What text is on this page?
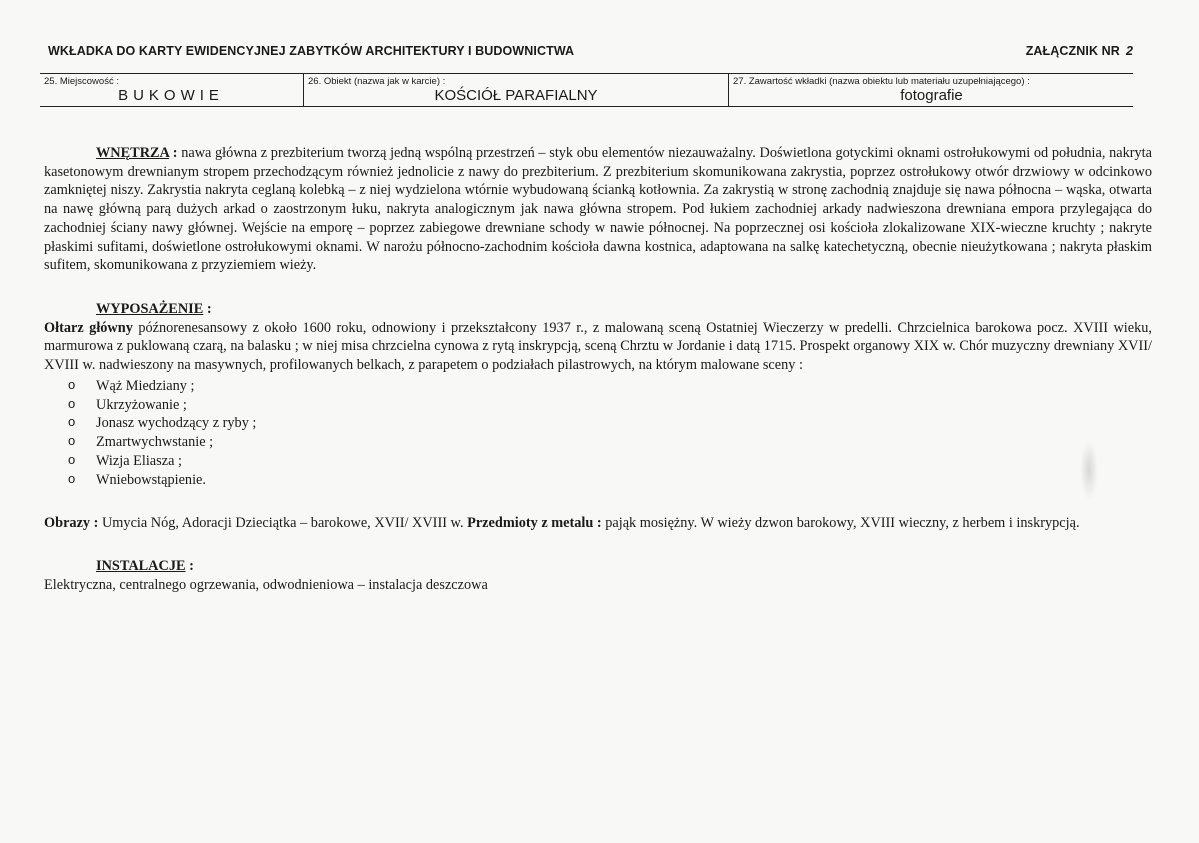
WKŁADKA DO KARTY EWIDENCYJNEJ ZABYTKÓW ARCHITEKTURY I BUDOWNICTWA	ZAŁĄCZNIK NR 2
25. Miejscowość :
BUKOWIE
26. Obiekt (nazwa jak w karcie) :
KOŚCIÓŁ PARAFIALNY
27. Zawartość wkładki (nazwa obiektu lub materiału uzupełniającego) :
fotografie

WNĘTRZA : nawa główna z prezbiterium tworzą jedną wspólną przestrzeń – styk obu elementów niezauważalny. Doświetlona gotyckimi oknami ostrołukowymi od południa, nakryta kasetonowym drewnianym stropem przechodzącym również jednolicie z nawy do prezbiterium. Z prezbiterium skomunikowana zakrystia, poprzez ostrołukowy otwór drzwiowy w odcinkowo zamkniętej niszy. Zakrystia nakryta ceglaną kolebką – z niej wydzielona wtórnie wybudowaną ścianką kotłownia. Za zakrystią w stronę zachodnią znajduje się nawa północna – wąska, otwarta na nawę główną parą dużych arkad o zaostrzonym łuku, nakryta analogicznym jak nawa główna stropem. Pod łukiem zachodniej arkady nadwieszona drewniana empora przylegająca do zachodniej ściany nawy głównej. Wejście na emporę – poprzez zabiegowe drewniane schody w nawie północnej. Na poprzecznej osi kościoła zlokalizowane XIX-wieczne kruchty ; nakryte płaskimi sufitami, doświetlone ostrołukowymi oknami. W narożu północno-zachodnim kościoła dawna kostnica, adaptowana na salkę katechetyczną, obecnie nieużytkowana ; nakryta płaskim sufitem, skomunikowana z przyziemiem wieży.

WYPOSAŻENIE :

Ołtarz główny późnorenesansowy z około 1600 roku, odnowiony i przekształcony 1937 r., z malowaną sceną Ostatniej Wieczerzy w predelli. Chrzcielnica barokowa pocz. XVIII wieku, marmurowa z puklowaną czarą, na balasku ; w niej misa chrzcielna cynowa z rytą inskrypcją, sceną Chrztu w Jordanie i datą 1715. Prospekt organowy XIX w. Chór muzyczny drewniany XVII/ XVIII w. nadwieszony na masywnych, profilowanych belkach, z parapetem o podziałach pilastrowych, na którym malowane sceny :

o Wąż Miedziany ;
o Ukrzyżowanie ;
o Jonasz wychodzący z ryby ;
o Zmartwychwstanie ;
o Wizja Eliasza ;
o Wniebowstąpienie.

Obrazy : Umycia Nóg, Adoracji Dzieciątka – barokowe, XVII/ XVIII w. Przedmioty z metalu : pająk mosiężny. W wieży dzwon barokowy, XVIII wieczny, z herbem i inskrypcją.

INSTALACJE :

Elektryczna, centralnego ogrzewania, odwodnieniowa – instalacja deszczowa
